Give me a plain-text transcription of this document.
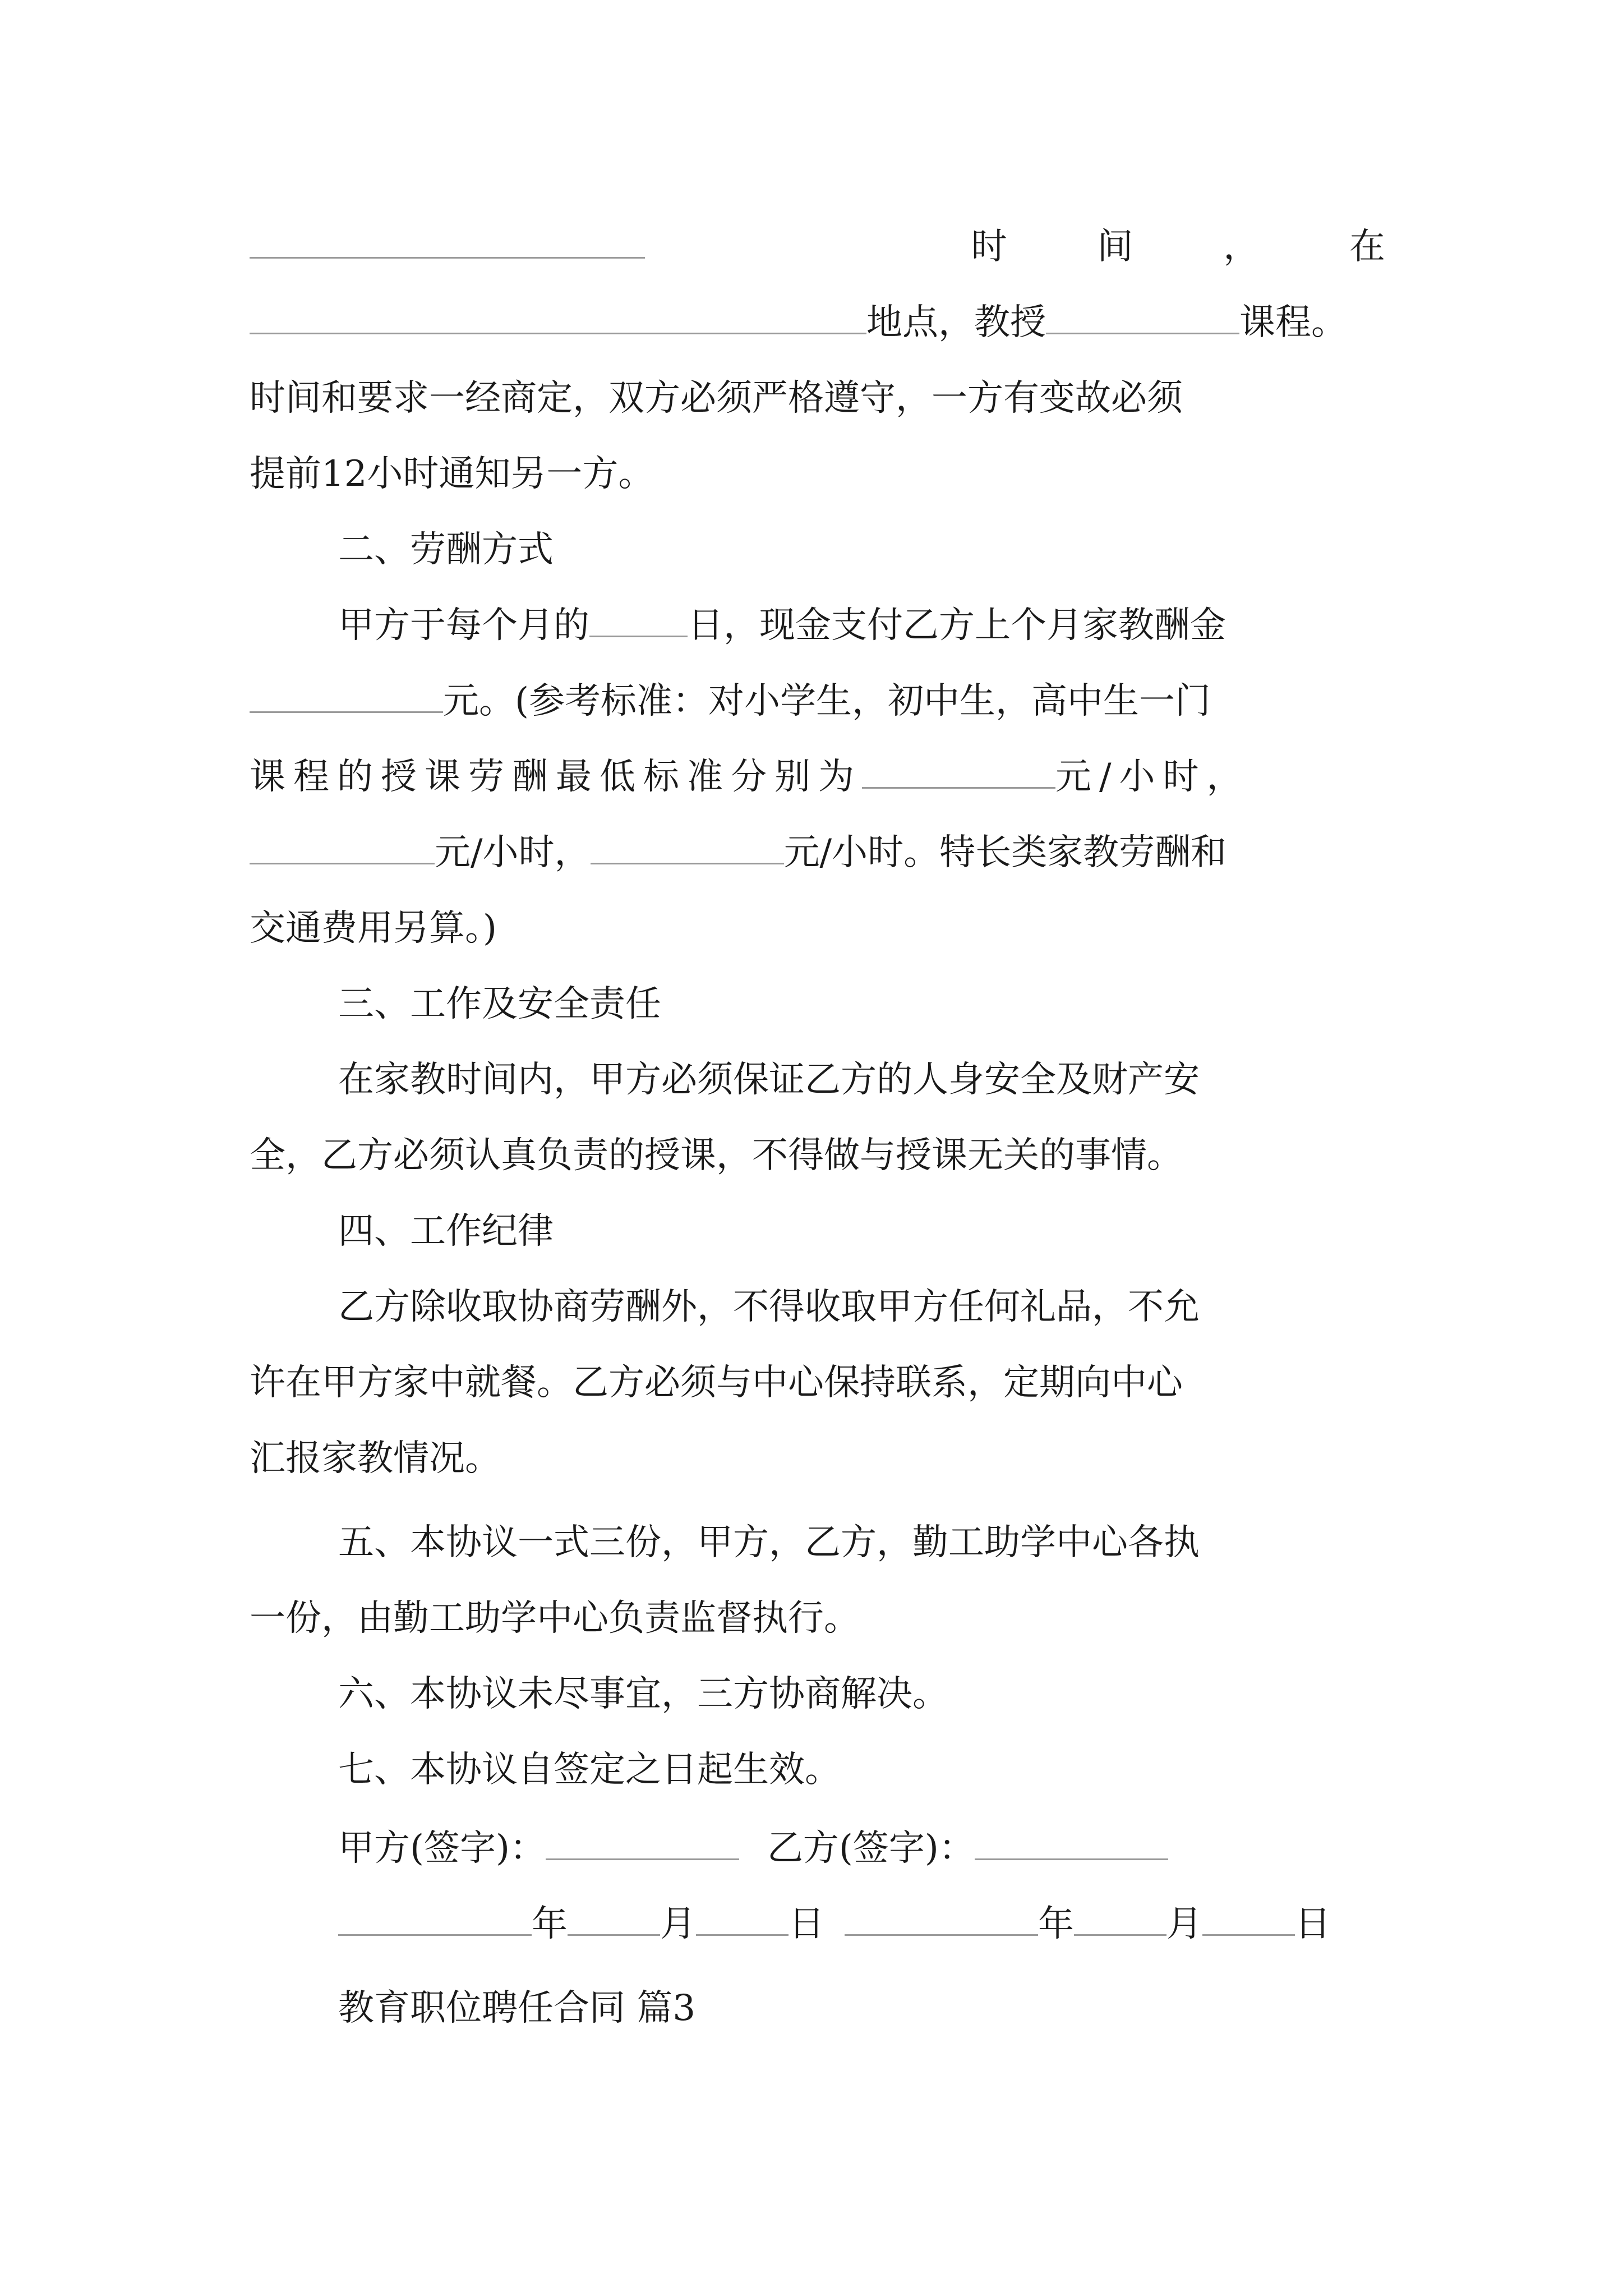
时	间	，	在
地点，教授	课程。
时间和要求一经商定，双方必须严格遵守，一方有变故必须
提前12小时通知另一方。
二、劳酬方式
甲方于每个月的	日，现金支付乙方上个月家教酬金
元。(参考标准：对小学生，初中生，高中生一门
课程的授课劳酬最低标准分别为	元/小时，
元/小时，	元/小时。特长类家教劳酬和
交通费用另算。)
三、工作及安全责任
在家教时间内，甲方必须保证乙方的人身安全及财产安
全，乙方必须认真负责的授课，不得做与授课无关的事情。
四、工作纪律
乙方除收取协商劳酬外，不得收取甲方任何礼品，不允
许在甲方家中就餐。乙方必须与中心保持联系，定期向中心
汇报家教情况。
五、本协议一式三份，甲方，乙方，勤工助学中心各执
一份，由勤工助学中心负责监督执行。
六、本协议未尽事宜，三方协商解决。
七、本协议自签定之日起生效。
甲方(签字)：	乙方(签字)：
年	月	日	年	月	日
教育职位聘任合同 篇3
